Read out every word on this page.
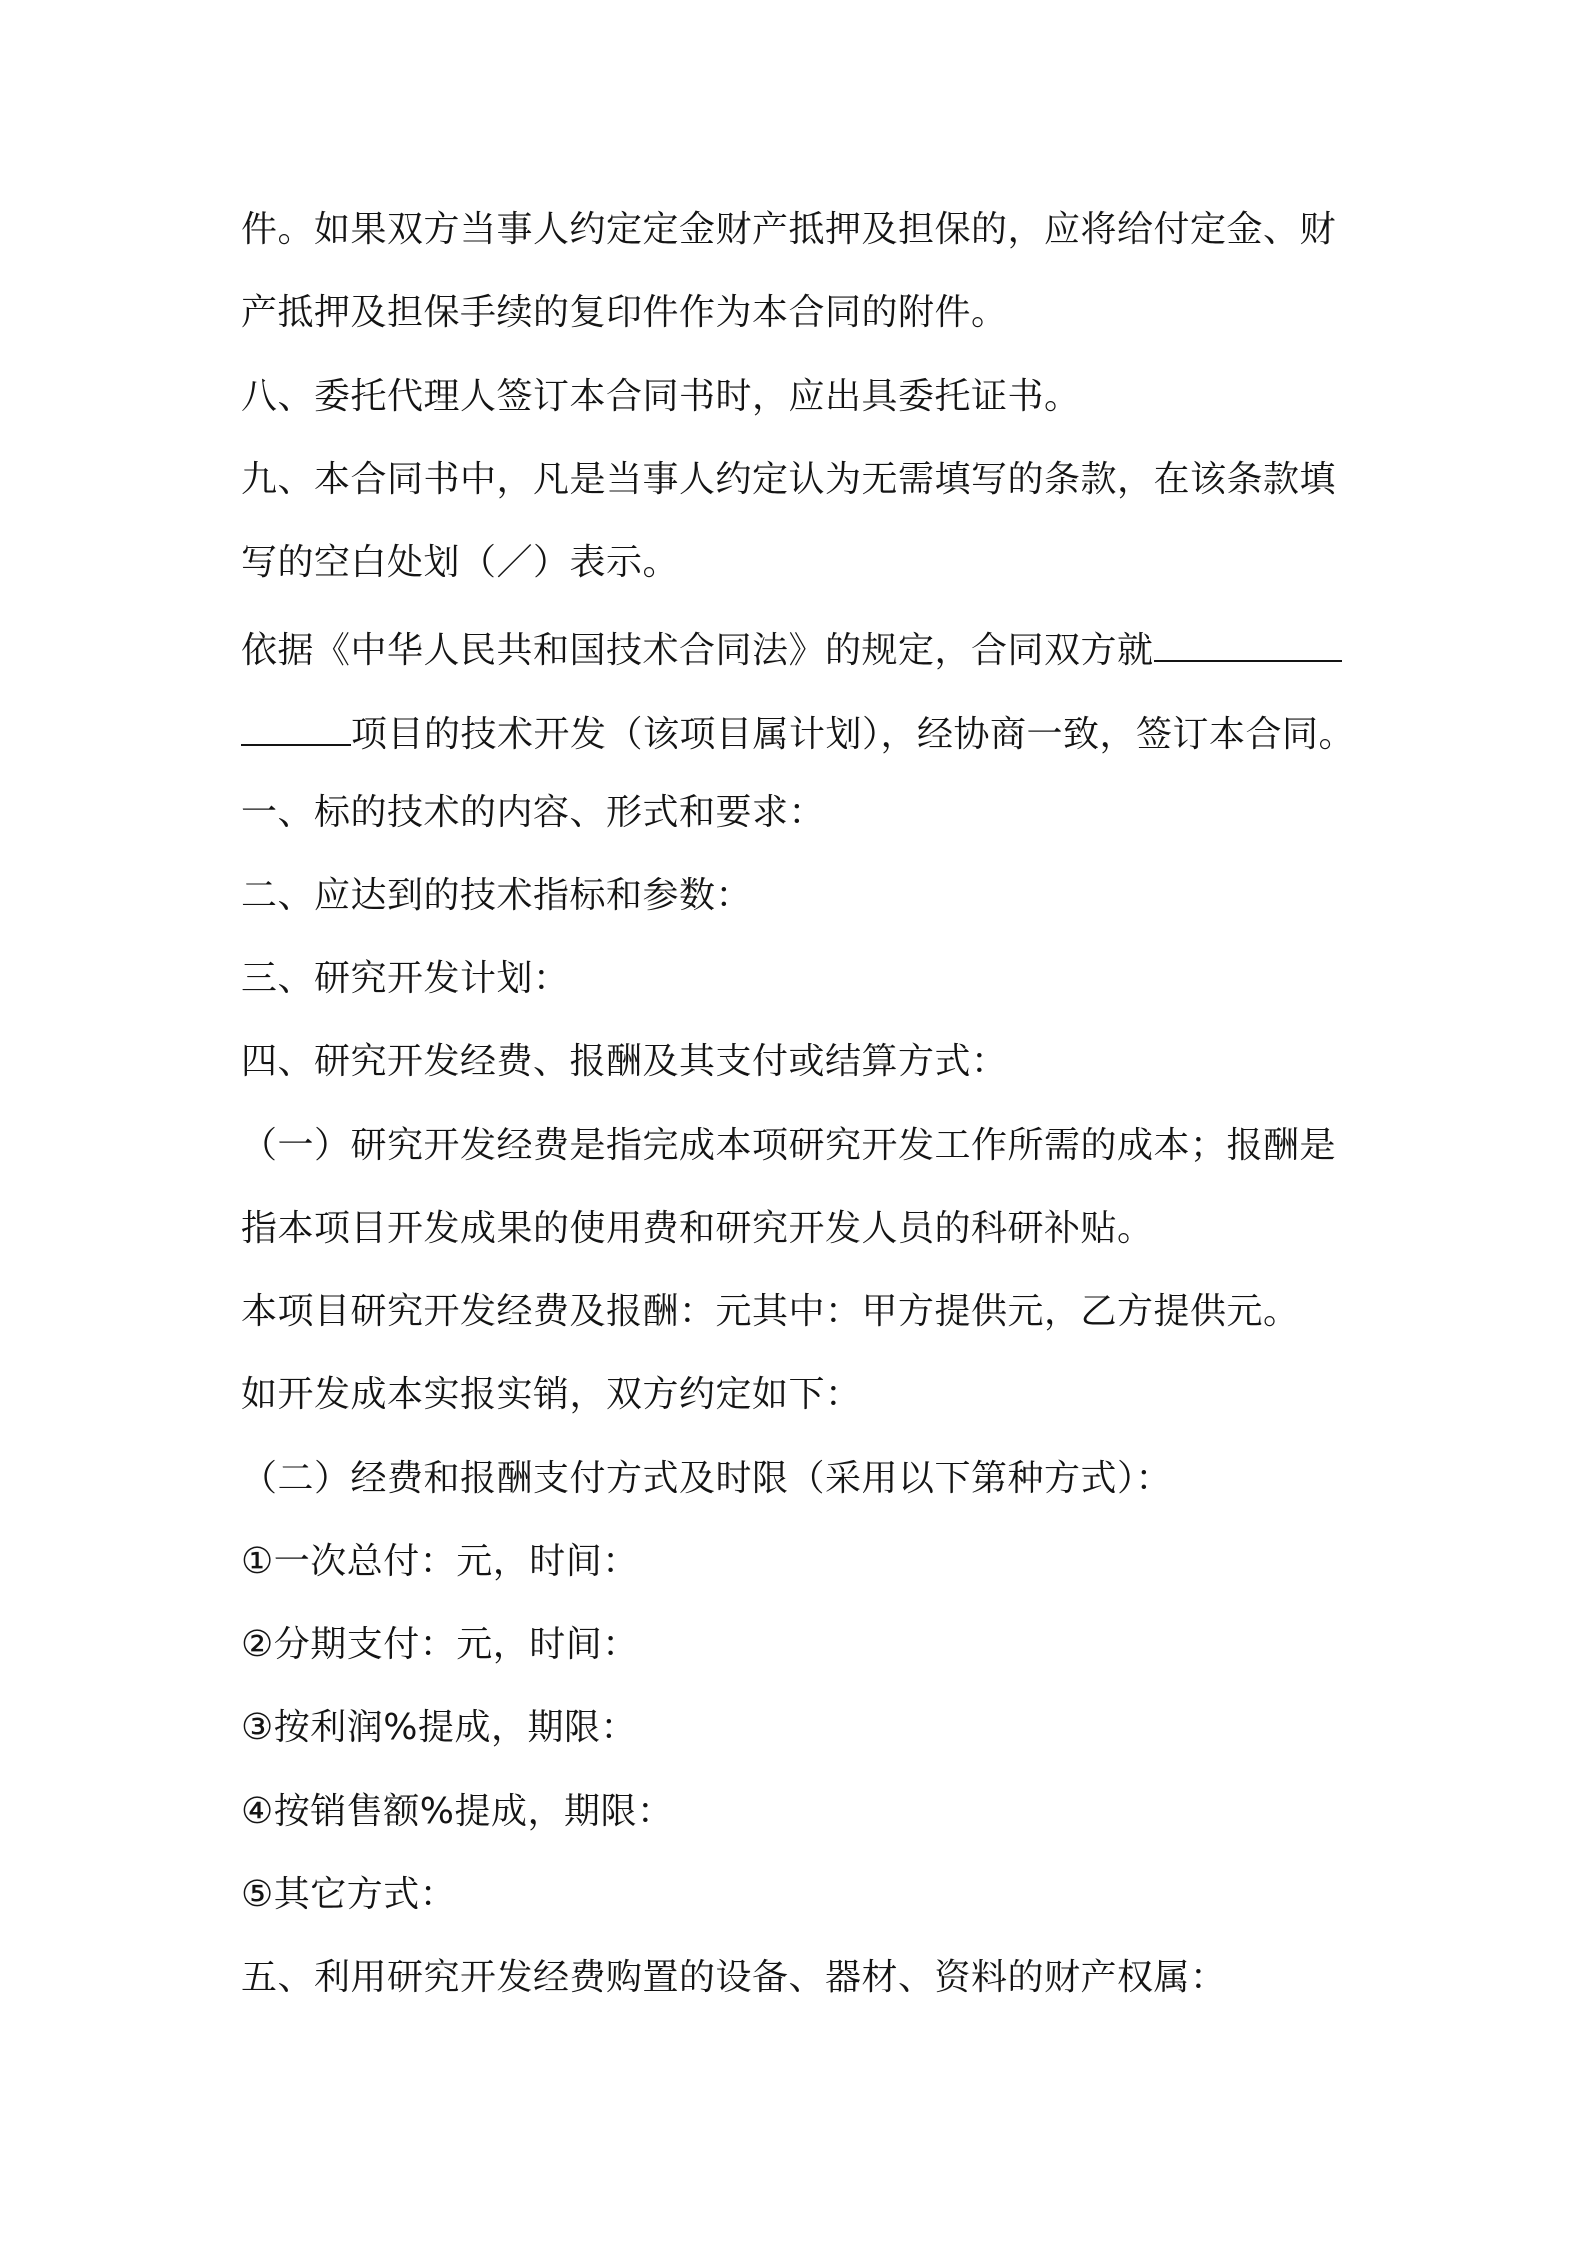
件。如果双方当事人约定定金财产抵押及担保的，应将给付定金、财
产抵押及担保手续的复印件作为本合同的附件。
八、委托代理人签订本合同书时，应出具委托证书。
九、本合同书中，凡是当事人约定认为无需填写的条款，在该条款填
写的空白处划（／）表示。
依据《中华人民共和国技术合同法》的规定，合同双方就
项目的技术开发（该项目属计划），经协商一致，签订本合同。
一、标的技术的内容、形式和要求：
二、应达到的技术指标和参数：
三、研究开发计划：
四、研究开发经费、报酬及其支付或结算方式：
（一）研究开发经费是指完成本项研究开发工作所需的成本；报酬是
指本项目开发成果的使用费和研究开发人员的科研补贴。
本项目研究开发经费及报酬：元其中：甲方提供元，乙方提供元。
如开发成本实报实销，双方约定如下：
（二）经费和报酬支付方式及时限（采用以下第种方式）：
①一次总付：元，时间：
②分期支付：元，时间：
③按利润%提成，期限：
④按销售额%提成，期限：
⑤其它方式：
五、利用研究开发经费购置的设备、器材、资料的财产权属：
